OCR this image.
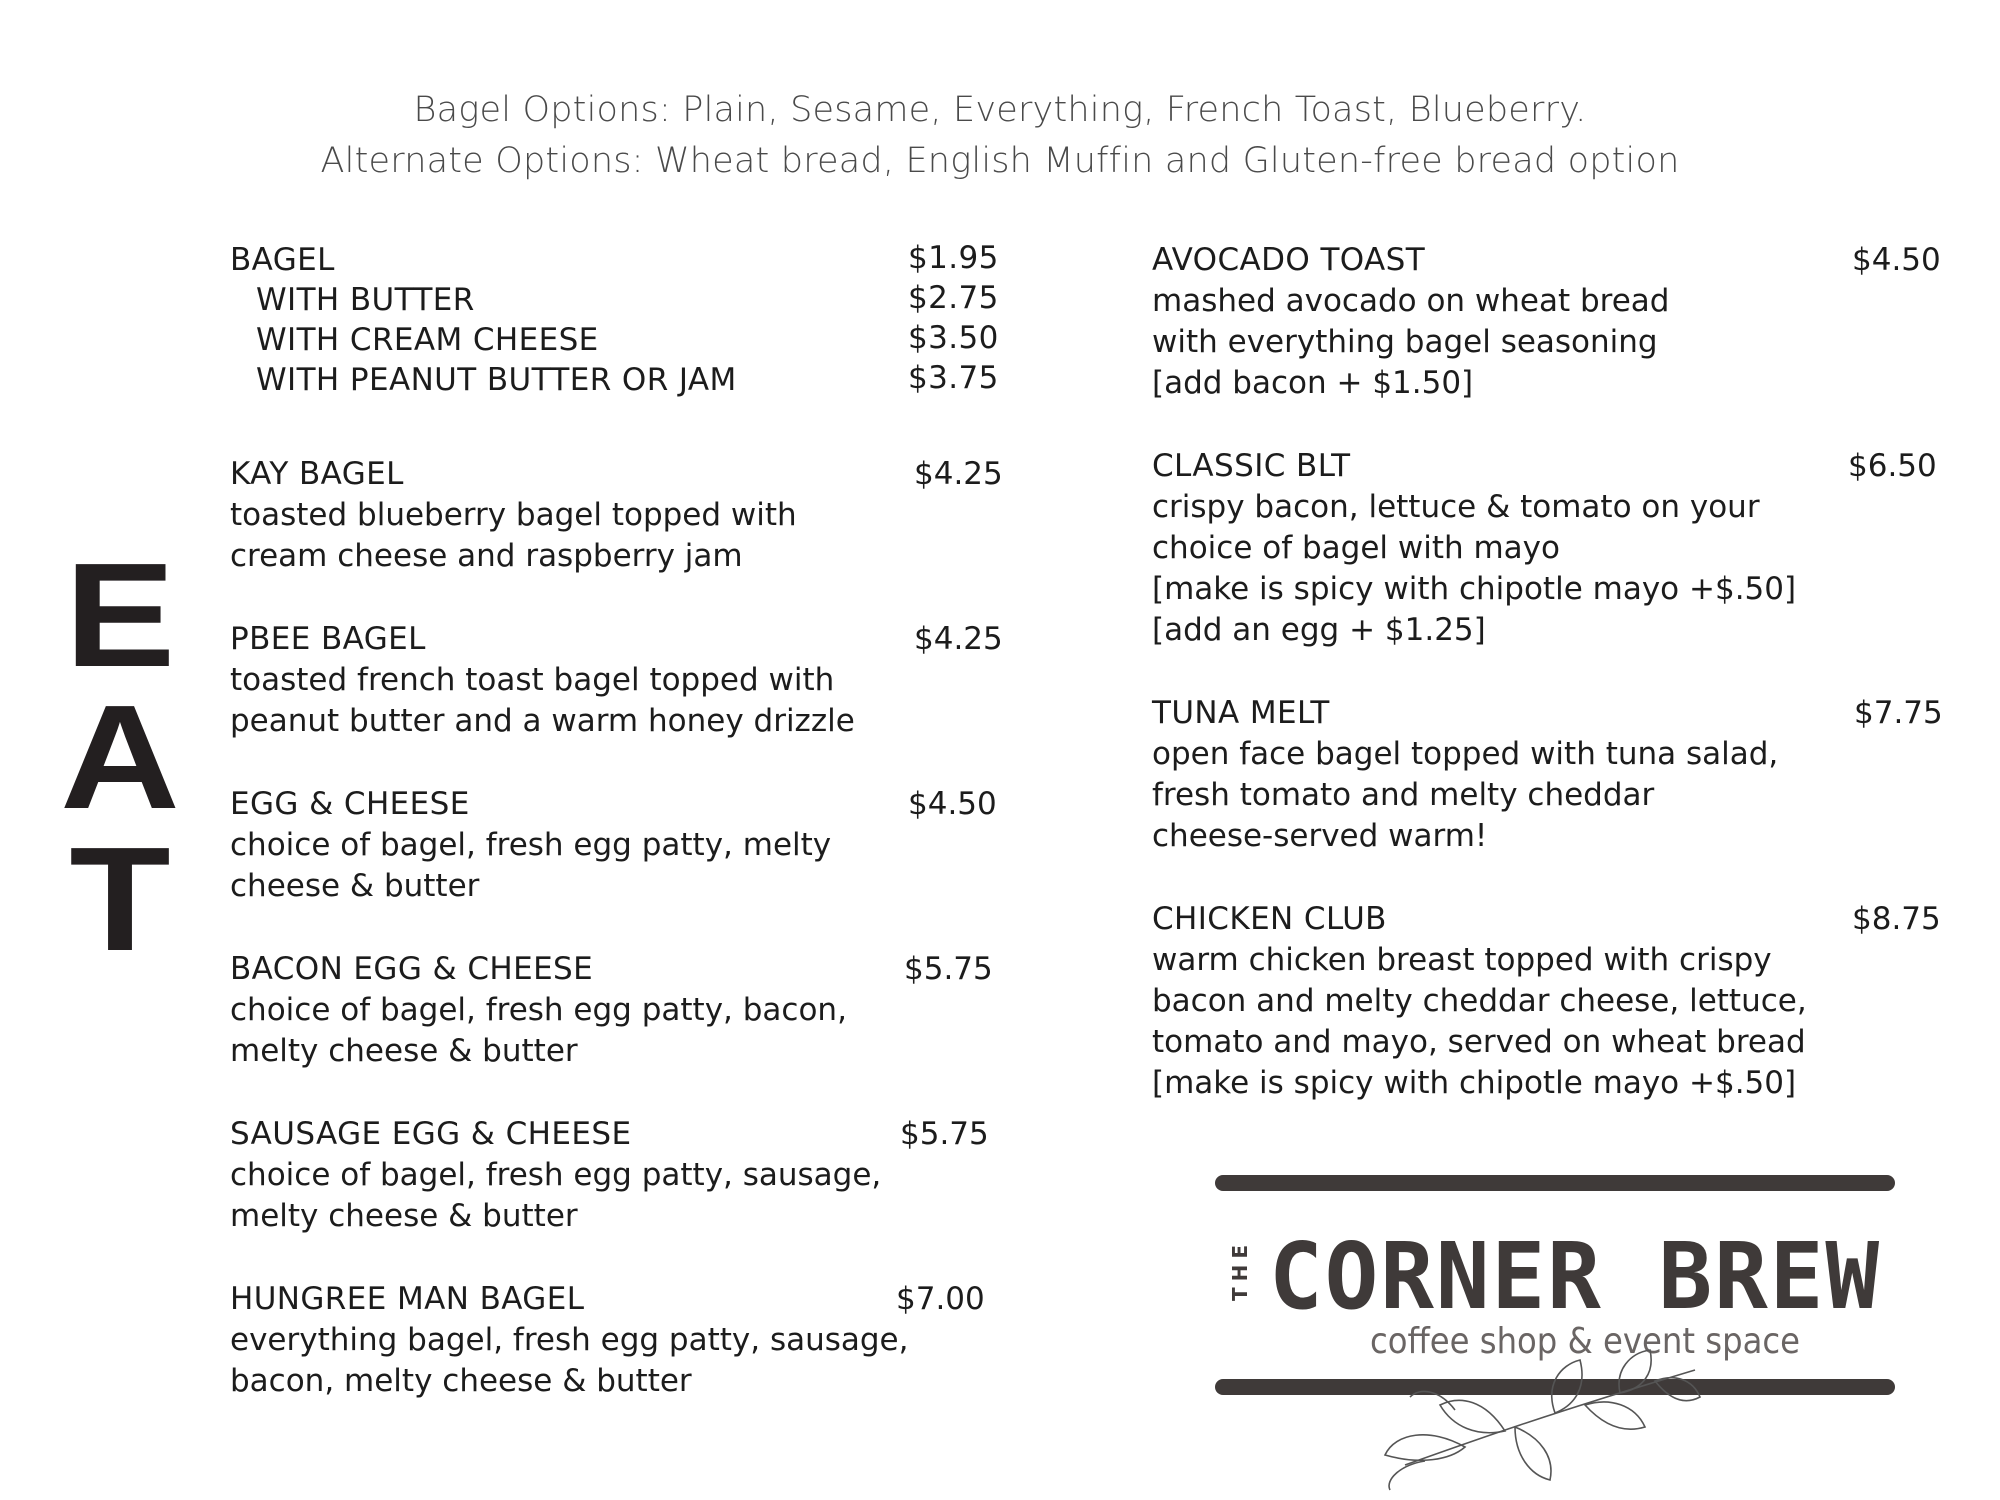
Bagel Options: Plain, Sesame, Everything, French Toast, Blueberry.
Alternate Options: Wheat bread, English Muffin and Gluten-free bread option
E
A
T
BAGEL	$1.95
WITH BUTTER	$2.75
WITH CREAM CHEESE	$3.50
WITH PEANUT BUTTER OR JAM	$3.75
KAY BAGEL	$4.25
toasted blueberry bagel topped with
cream cheese and raspberry jam
PBEE BAGEL	$4.25
toasted french toast bagel topped with
peanut butter and a warm honey drizzle
EGG & CHEESE	$4.50
choice of bagel, fresh egg patty, melty
cheese & butter
BACON EGG & CHEESE	$5.75
choice of bagel, fresh egg patty, bacon,
melty cheese & butter
SAUSAGE EGG & CHEESE	$5.75
choice of bagel, fresh egg patty, sausage,
melty cheese & butter
HUNGREE MAN BAGEL	$7.00
everything bagel, fresh egg patty, sausage,
bacon, melty cheese & butter
AVOCADO TOAST	$4.50
mashed avocado on wheat bread
with everything bagel seasoning
[add bacon + $1.50]
CLASSIC BLT	$6.50
crispy bacon, lettuce & tomato on your
choice of bagel with mayo
[make is spicy with chipotle mayo +$.50]
[add an egg + $1.25]
TUNA MELT	$7.75
open face bagel topped with tuna salad,
fresh tomato and melty cheddar
cheese-served warm!
CHICKEN CLUB	$8.75
warm chicken breast topped with crispy
bacon and melty cheddar cheese, lettuce,
tomato and mayo, served on wheat bread
[make is spicy with chipotle mayo +$.50]
THE CORNER BREW
coffee shop & event space
